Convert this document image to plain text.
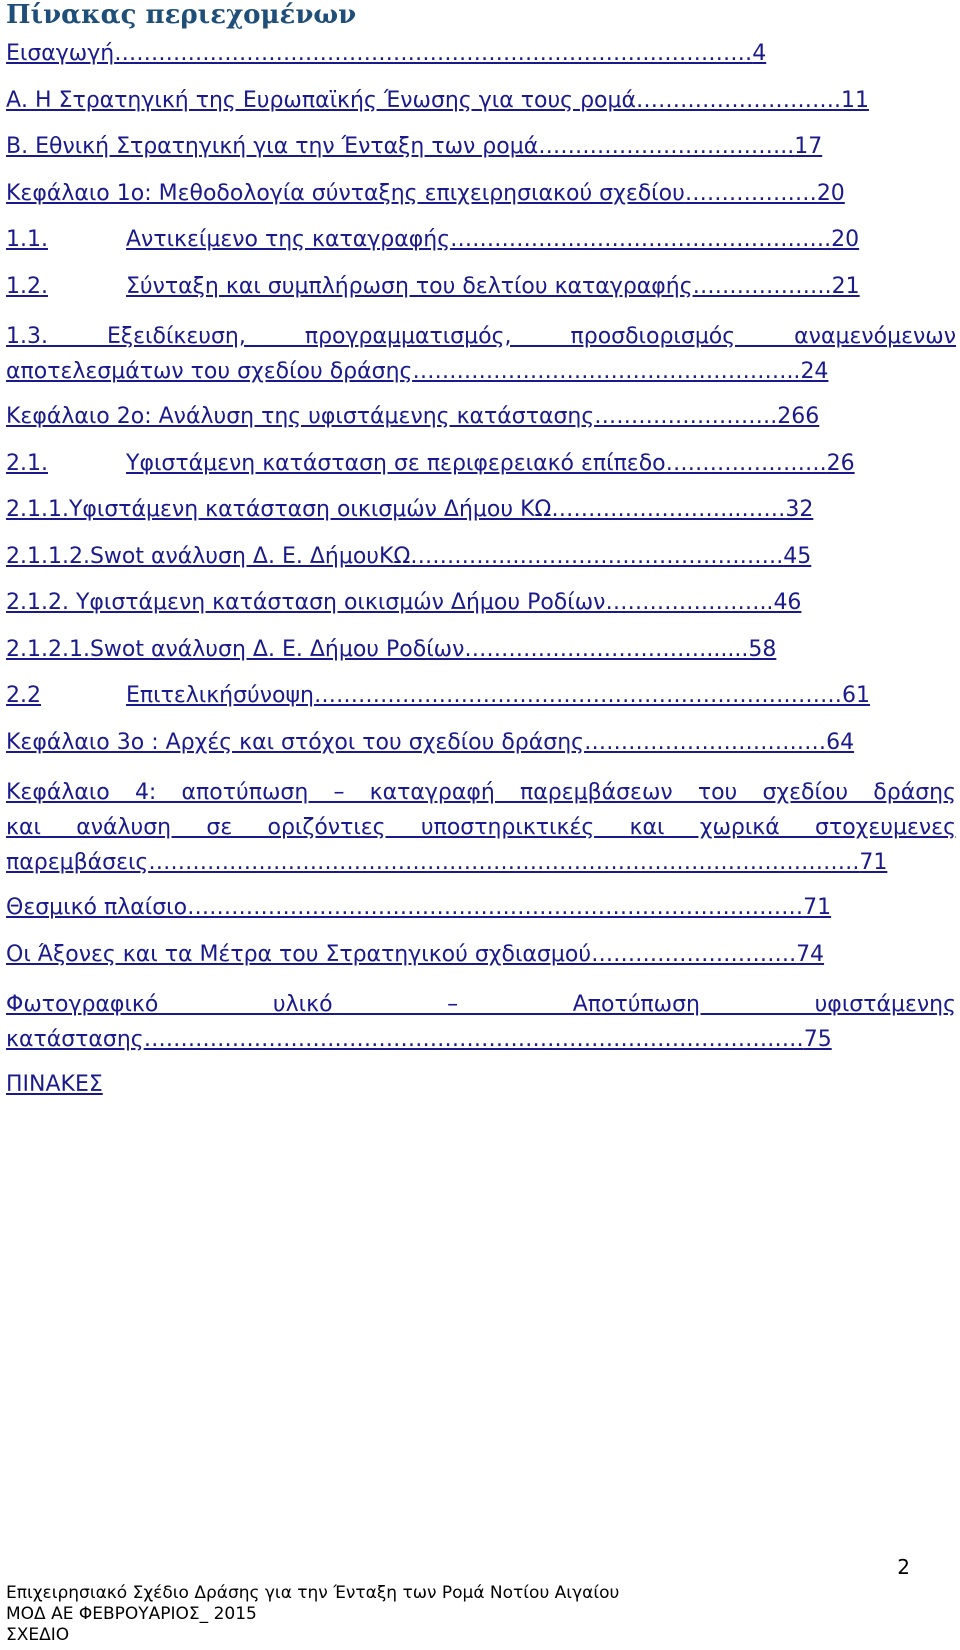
Πίνακας περιεχομένων
Εισαγωγή …………………………………………………………………………… 4
Α. Η Στρατηγική της Ευρωπαϊκής Ένωσης για τους ρομά ………………………. 11
Β. Εθνική Στρατηγική για την Ένταξη των ρομά …………………………….. 17
Κεφάλαιο 1ο: Μεθοδολογία σύνταξης επιχειρησιακού σχεδίου ……………… 20
1.1.	Αντικείμενο της καταγραφής ……………………………………………. 20
1.2.	Σύνταξη και συμπλήρωση του δελτίου καταγραφής ………………. 21
1.3. Εξειδίκευση, προγραμματισμός, προσδιορισμός αναμενόμενων
αποτελεσμάτων του σχεδίου δράσης……………………………………………..24
Κεφάλαιο 2ο: Ανάλυση της υφιστάμενης κατάστασης ……………………. 266
2.1.	Υφιστάμενη κατάσταση σε περιφερειακό επίπεδο …………………. 26
2.1.1.Υφιστάμενη κατάσταση οικισμών Δήμου ΚΩ ……………………..…… 32
2.1.1.2.Swot ανάλυση Δ. Ε. ΔήμουΚΩ …………..………………………………. 45
2.1.2. Υφιστάμενη κατάσταση οικισμών Δήμου Ροδίων ………………….. 46
2.1.2.1.Swot ανάλυση Δ. Ε. Δήμου Ροδίων ……………………………...... 58
2.2	Επιτελικήσύνοψη ……………………………………………………………… 61
Κεφάλαιο 3ο : Αρχές και στόχοι του σχεδίου δράσης …………………………… 64
Κεφάλαιο 4: αποτύπωση – καταγραφή παρεμβάσεων του σχεδίου δράσης
και ανάλυση σε οριζόντιες υποστηρικτικές και χωρικά στοχευμενες
παρεμβάσεις…………………………………………………………………………………….71
Θεσμικό πλαίσιο ………………………………………………………………………… 71
Οι Άξονες και τα Μέτρα του Στρατηγικού σχδιασμού ………………………. 74
Φωτογραφικό υλικό – Αποτύπωση υφιστάμενης
κατάστασης………………………………………………………………………………75
ΠΙΝΑΚΕΣ
2
Επιχειρησιακό Σχέδιο Δράσης για την Ένταξη των Ρομά Νοτίου Αιγαίου
ΜΟΔ ΑΕ ΦΕΒΡΟΥΑΡΙΟΣ_ 2015
ΣΧΕΔΙΟ
